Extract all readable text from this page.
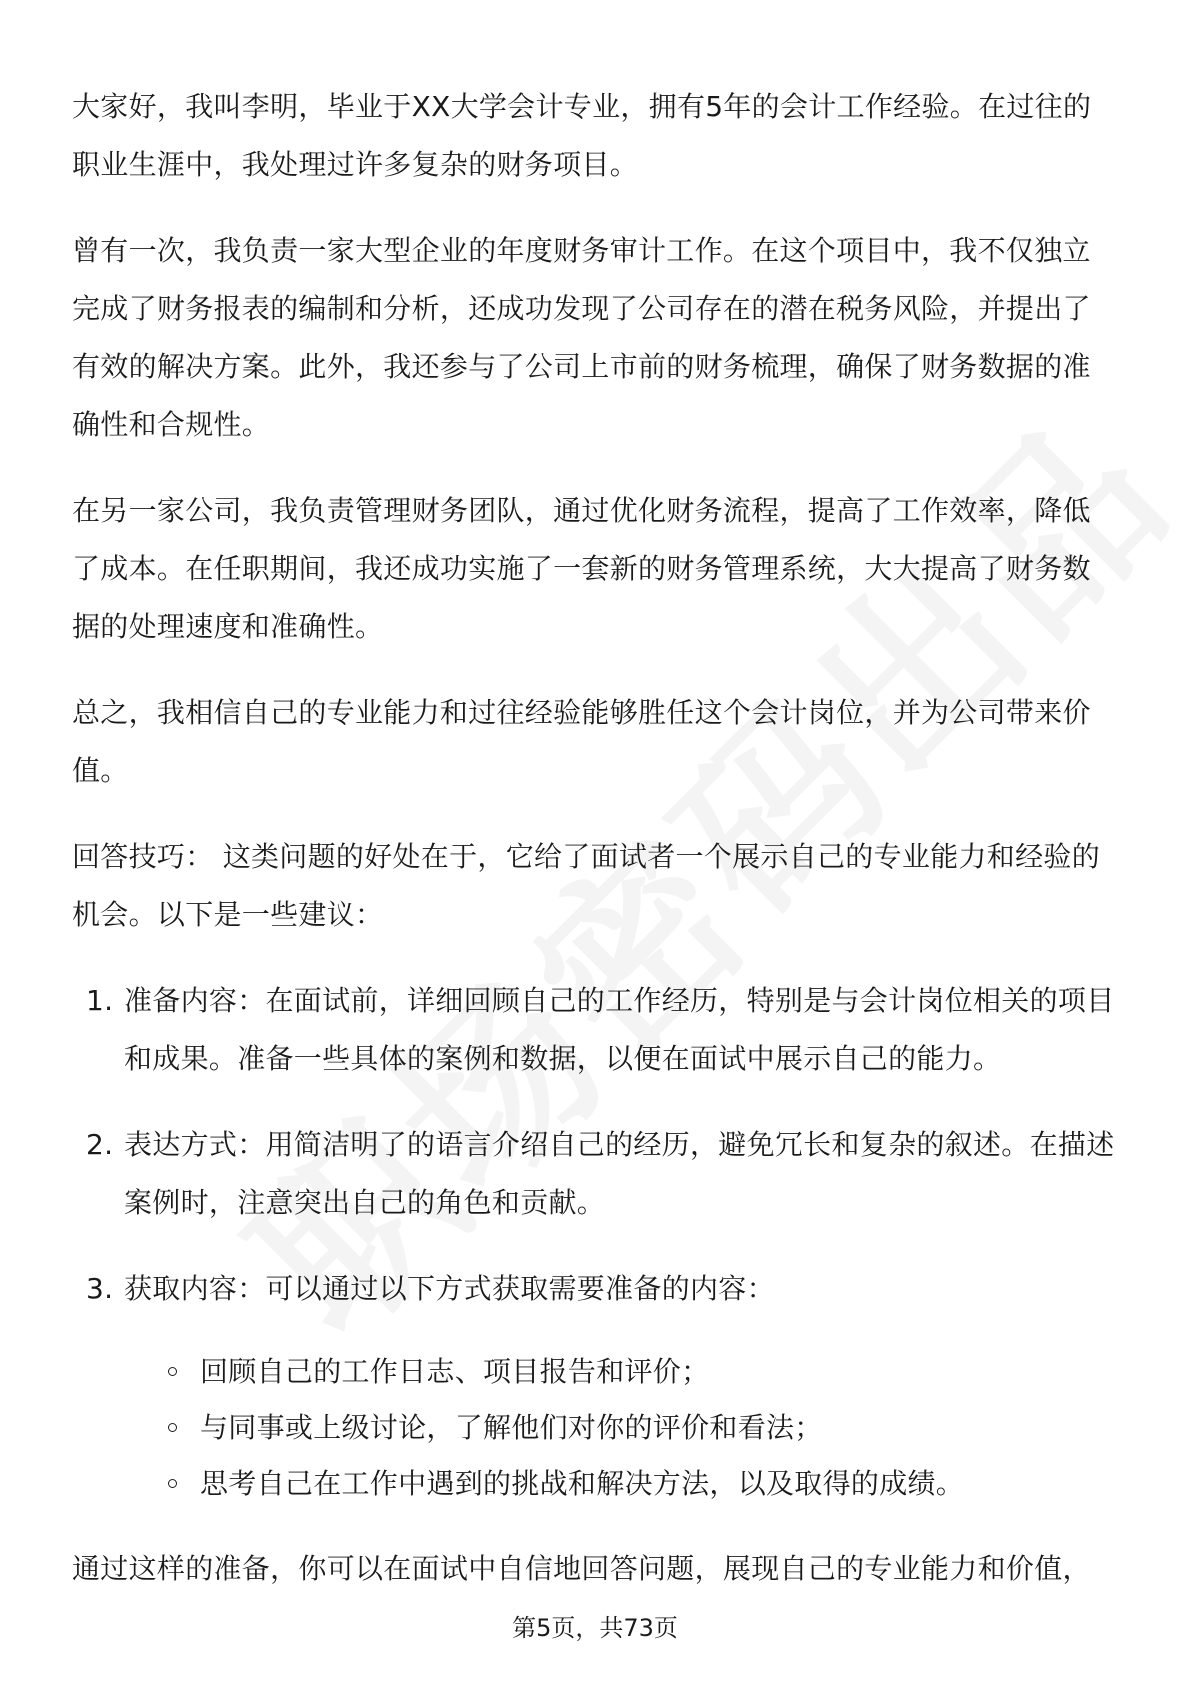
大家好，我叫李明，毕业于XX大学会计专业，拥有5年的会计工作经验。在过往的职业生涯中，我处理过许多复杂的财务项目。

曾有一次，我负责一家大型企业的年度财务审计工作。在这个项目中，我不仅独立完成了财务报表的编制和分析，还成功发现了公司存在的潜在税务风险，并提出了有效的解决方案。此外，我还参与了公司上市前的财务梳理，确保了财务数据的准确性和合规性。

在另一家公司，我负责管理财务团队，通过优化财务流程，提高了工作效率，降低了成本。在任职期间，我还成功实施了一套新的财务管理系统，大大提高了财务数据的处理速度和准确性。

总之，我相信自己的专业能力和过往经验能够胜任这个会计岗位，并为公司带来价值。

回答技巧： 这类问题的好处在于，它给了面试者一个展示自己的专业能力和经验的机会。以下是一些建议：

1. 准备内容：在面试前，详细回顾自己的工作经历，特别是与会计岗位相关的项目和成果。准备一些具体的案例和数据，以便在面试中展示自己的能力。
2. 表达方式：用简洁明了的语言介绍自己的经历，避免冗长和复杂的叙述。在描述案例时，注意突出自己的角色和贡献。
3. 获取内容：可以通过以下方式获取需要准备的内容：
回顾自己的工作日志、项目报告和评价；
与同事或上级讨论，了解他们对你的评价和看法；
思考自己在工作中遇到的挑战和解决方法，以及取得的成绩。

通过这样的准备，你可以在面试中自信地回答问题，展现自己的专业能力和价值，

第5页，共73页
